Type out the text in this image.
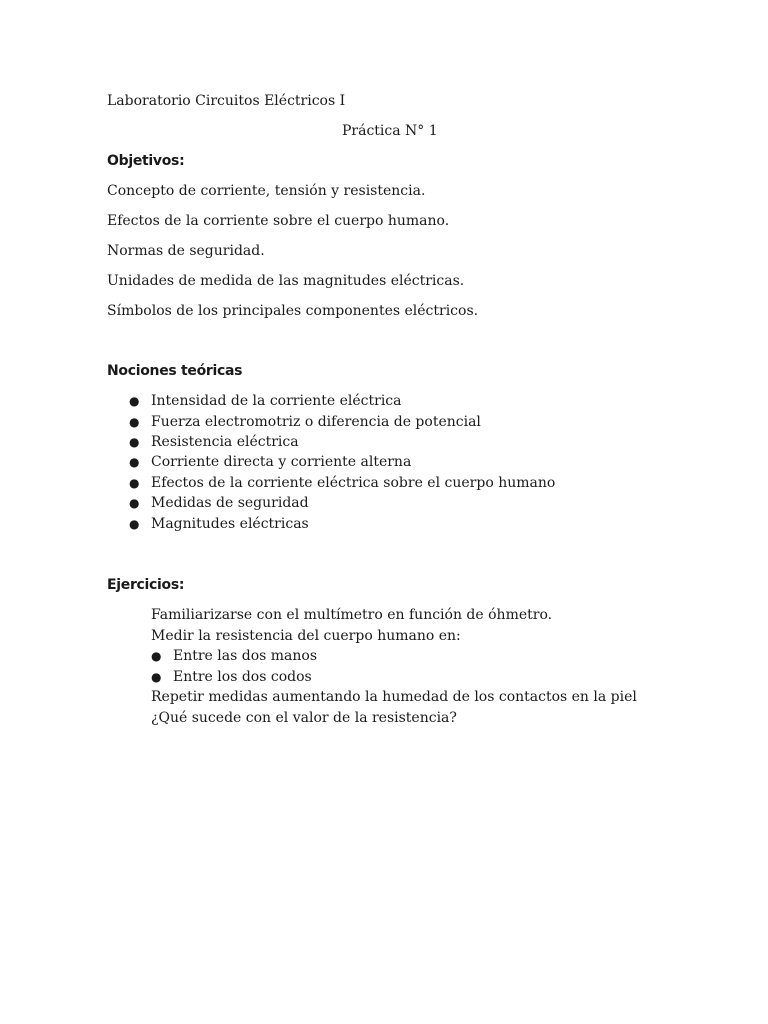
Laboratorio Circuitos Eléctricos I
Práctica N° 1
Objetivos:
Concepto de corriente, tensión y resistencia.
Efectos de la corriente sobre el cuerpo humano.
Normas de seguridad.
Unidades de medida de las magnitudes eléctricas.
Símbolos de los principales componentes eléctricos.
Nociones teóricas
● Intensidad de la corriente eléctrica
● Fuerza electromotriz o diferencia de potencial
● Resistencia eléctrica
● Corriente directa y corriente alterna
● Efectos de la corriente eléctrica sobre el cuerpo humano
● Medidas de seguridad
● Magnitudes eléctricas
Ejercicios:
Familiarizarse con el multímetro en función de óhmetro.
Medir la resistencia del cuerpo humano en:
● Entre las dos manos
● Entre los dos codos
Repetir medidas aumentando la humedad de los contactos en la piel
¿Qué sucede con el valor de la resistencia?
